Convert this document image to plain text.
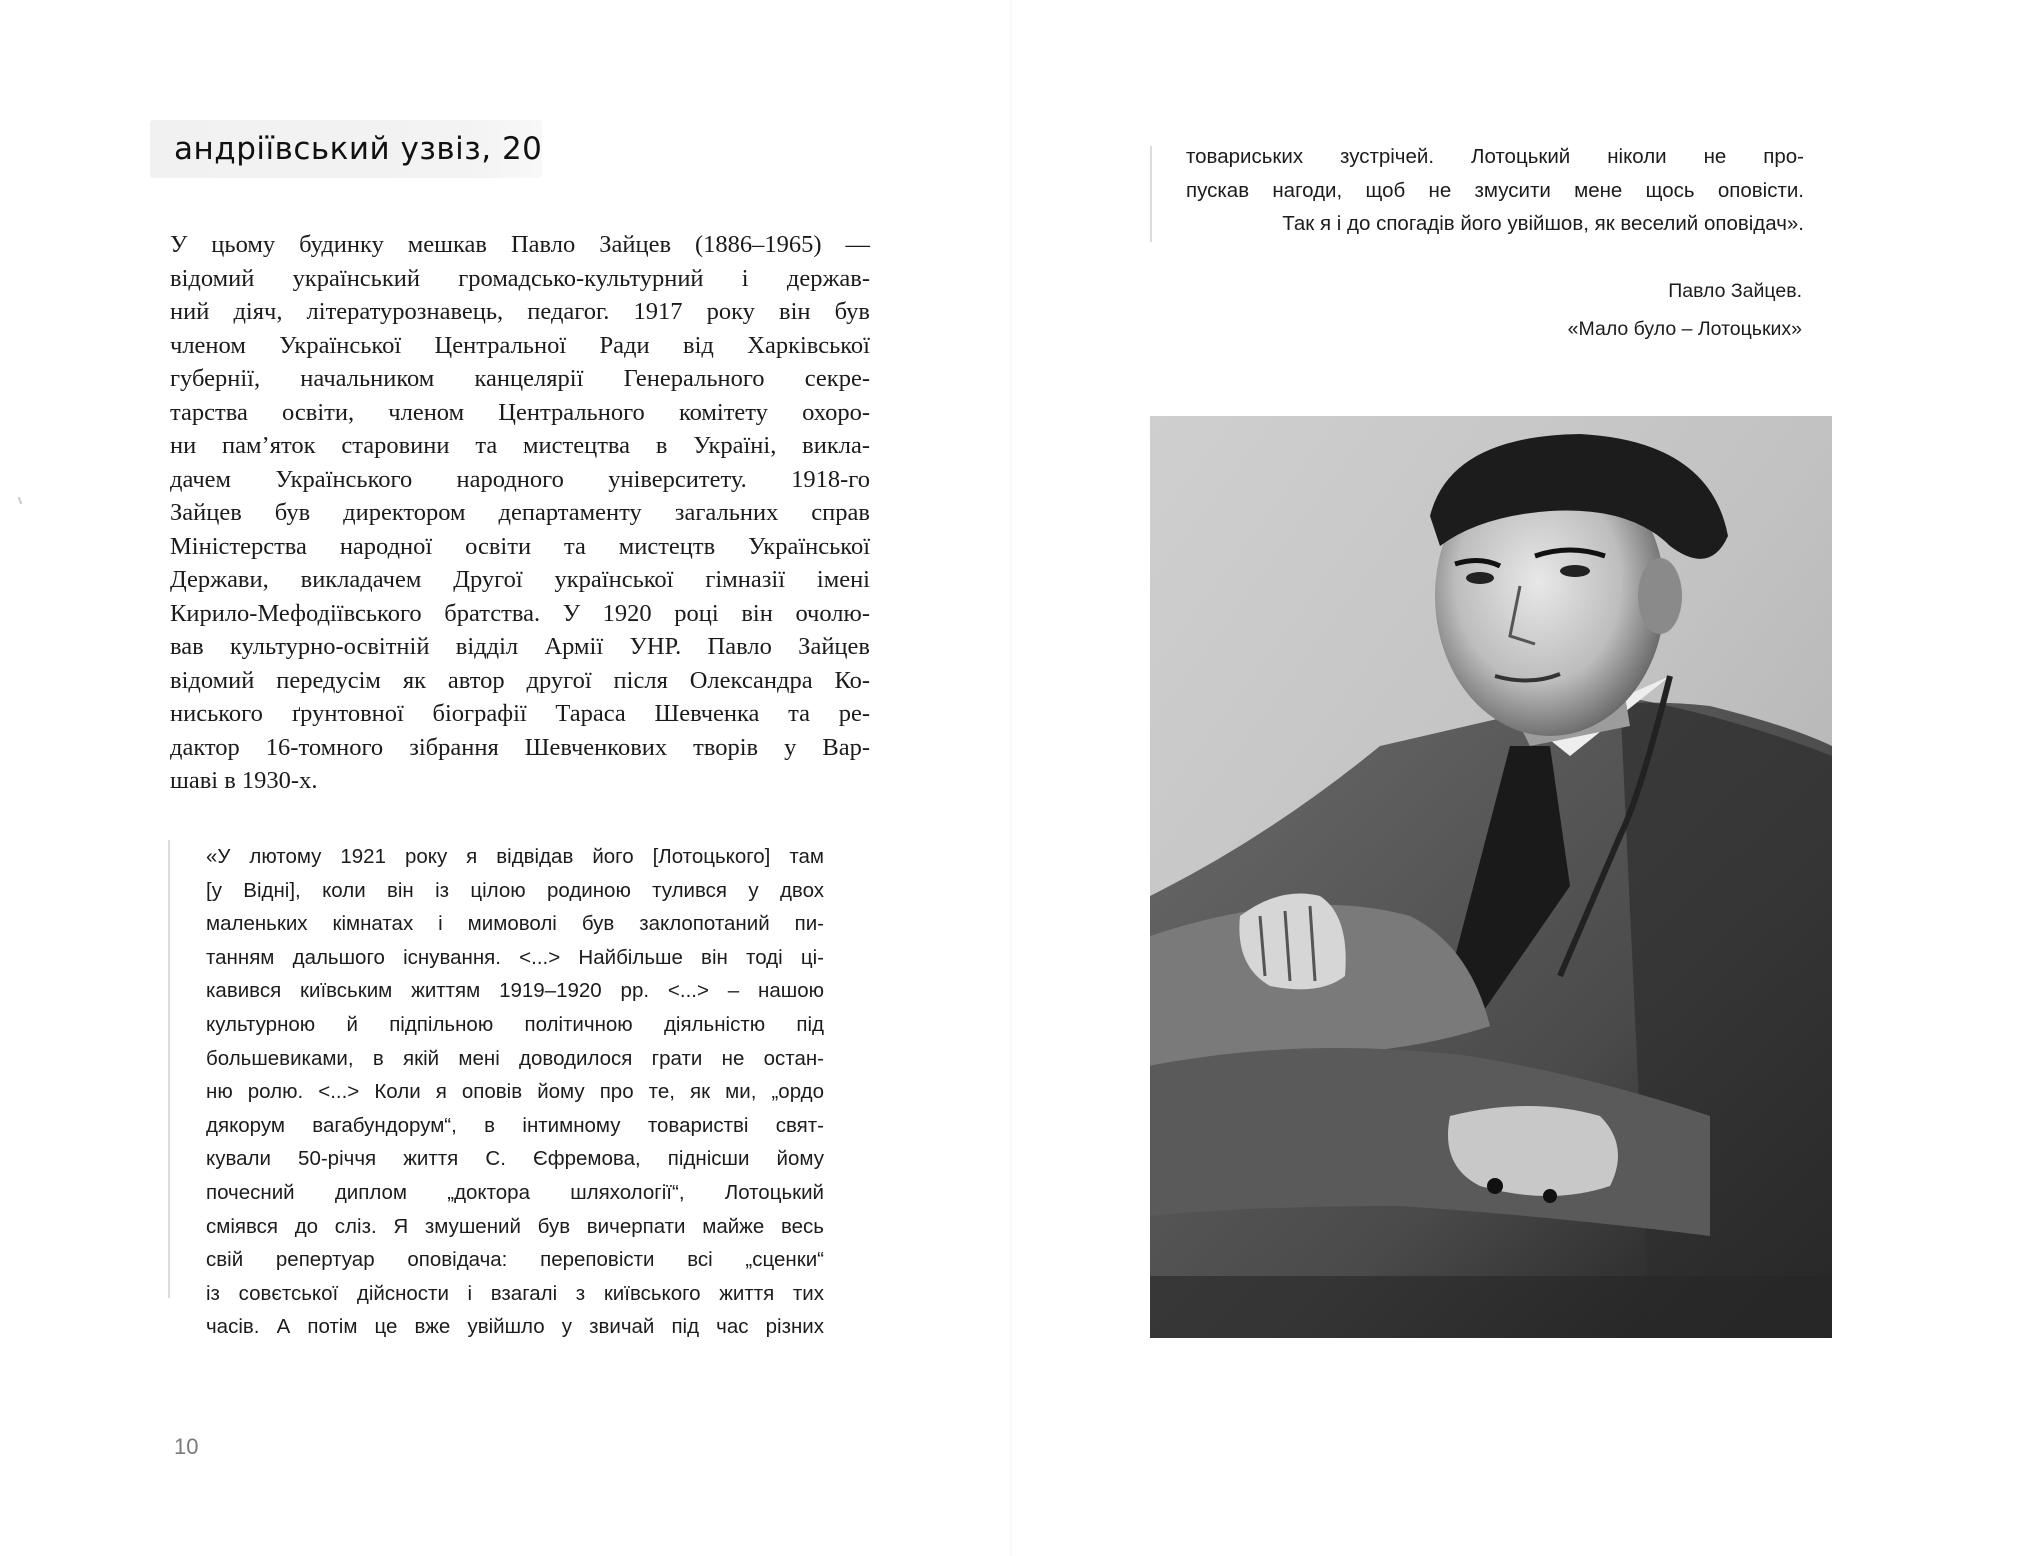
андріївський узвіз, 20
У цьому будинку мешкав Павло Зайцев (1886–1965) —
відомий український громадсько-культурний і держав-
ний діяч, літературознавець, педагог. 1917 року він був
членом Української Центральної Ради від Харківської
губернії, начальником канцелярії Генерального секре-
тарства освіти, членом Центрального комітету охоро-
ни пам’яток старовини та мистецтва в Україні, викла-
дачем Українського народного університету. 1918-го
Зайцев був директором департаменту загальних справ
Міністерства народної освіти та мистецтв Української
Держави, викладачем Другої української гімназії імені
Кирило-Мефодіївського братства. У 1920 році він очолю-
вав культурно-освітній відділ Армії УНР. Павло Зайцев
відомий передусім як автор другої після Олександра Ко-
ниського ґрунтовної біографії Тараса Шевченка та ре-
дактор 16-томного зібрання Шевченкових творів у Вар-
шаві в 1930-х.
«У лютому 1921 року я відвідав його [Лотоцького] там
[у Відні], коли він із цілою родиною тулився у двох
маленьких кімнатах і мимоволі був заклопотаний пи-
танням дальшого існування. <...> Найбільше він тоді ці-
кавився київським життям 1919–1920 рр. <...> – нашою
культурною й підпільною політичною діяльністю під
большевиками, в якій мені доводилося грати не остан-
ню ролю. <...> Коли я оповів йому про те, як ми, „ордо
дякорум вагабундорум“, в інтимному товаристві свят-
кували 50-річчя життя С. Єфремова, піднісши йому
почесний диплом „доктора шляхології“, Лотоцький
сміявся до сліз. Я змушений був вичерпати майже весь
свій репертуар оповідача: переповісти всі „сценки“
із совєтської дійсности і взагалі з київського життя тих
часів. А потім це вже увійшло у звичай під час різних
10
товариських зустрічей. Лотоцький ніколи не про-
пускав нагоди, щоб не змусити мене щось оповісти.
Так я і до спогадів його увійшов, як веселий оповідач».
Павло Зайцев.
«Мало було – Лотоцьких»
